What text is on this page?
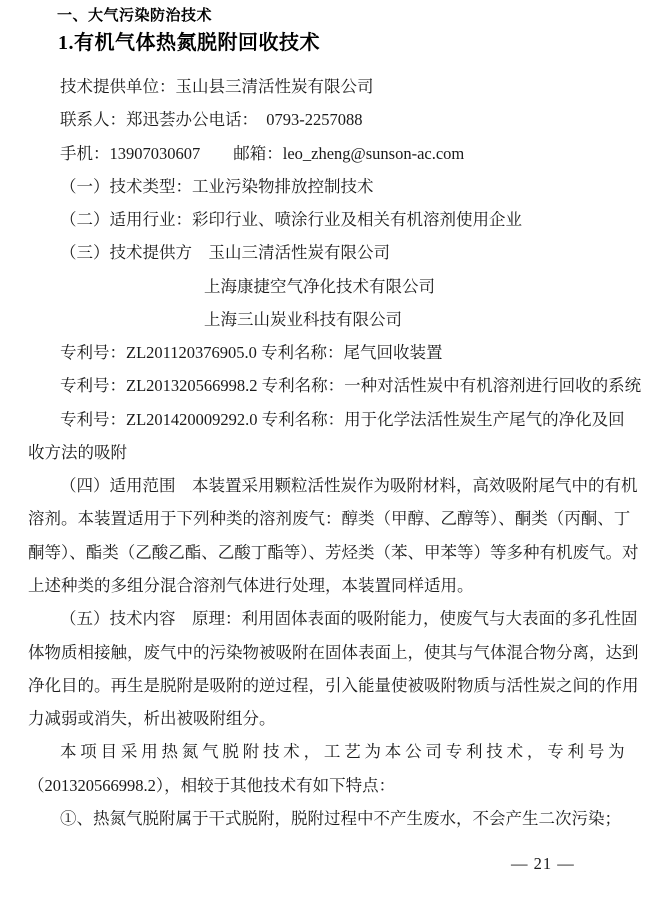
一、大气污染防治技术
1.有机气体热氮脱附回收技术
技术提供单位：玉山县三清活性炭有限公司
联系人：郑迅荟办公电话：　0793-2257088
手机：13907030607　　邮箱：leo_zheng@sunson-ac.com
（一）技术类型：工业污染物排放控制技术
（二）适用行业：彩印行业、喷涂行业及相关有机溶剂使用企业
（三）技术提供方　玉山三清活性炭有限公司
上海康捷空气净化技术有限公司
上海三山炭业科技有限公司
专利号：ZL201120376905.0 专利名称：尾气回收装置
专利号：ZL201320566998.2 专利名称：一种对活性炭中有机溶剂进行回收的系统
专利号：ZL201420009292.0 专利名称：用于化学法活性炭生产尾气的净化及回
收方法的吸附
（四）适用范围　本装置采用颗粒活性炭作为吸附材料，高效吸附尾气中的有机
溶剂。本装置适用于下列种类的溶剂废气：醇类（甲醇、乙醇等）、酮类（丙酮、丁
酮等）、酯类（乙酸乙酯、乙酸丁酯等）、芳烃类（苯、甲苯等）等多种有机废气。对
上述种类的多组分混合溶剂气体进行处理，本装置同样适用。
（五）技术内容　原理：利用固体表面的吸附能力，使废气与大表面的多孔性固
体物质相接触，废气中的污染物被吸附在固体表面上，使其与气体混合物分离，达到
净化目的。再生是脱附是吸附的逆过程，引入能量使被吸附物质与活性炭之间的作用
力减弱或消失，析出被吸附组分。
本项目采用热氮气脱附技术，工艺为本公司专利技术，专利号为
（201320566998.2），相较于其他技术有如下特点：
①、热氮气脱附属于干式脱附，脱附过程中不产生废水，不会产生二次污染；
— 21 —
